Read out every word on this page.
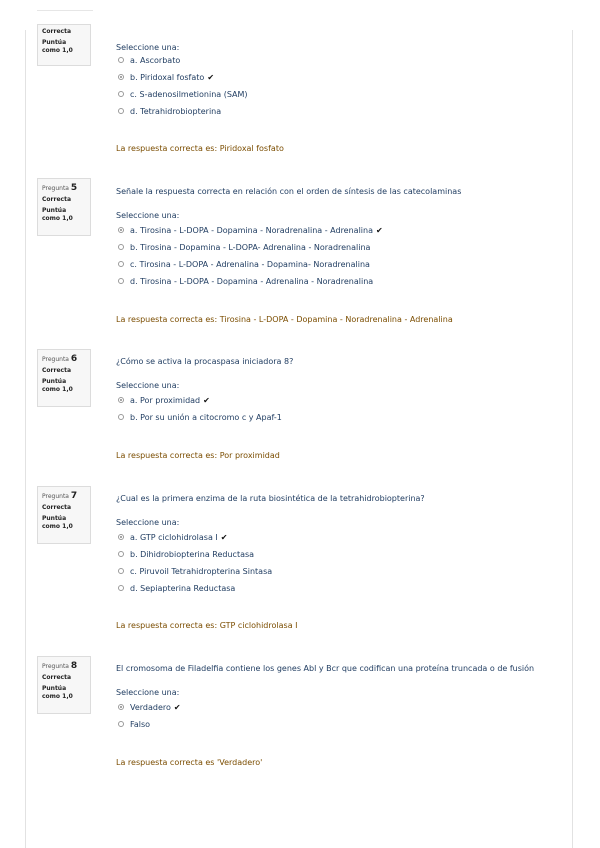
Correcta
Puntúa como 1,0	Seleccione una:
a. Ascorbato
b. Piridoxal fosfato ✔
c. S-adenosilmetionina (SAM)
d. Tetrahidrobiopterina
La respuesta correcta es: Piridoxal fosfato
Pregunta 5
Correcta
Puntúa como 1,0
Señale la respuesta correcta en relación con el orden de síntesis de las catecolaminas
Seleccione una:
a. Tirosina - L-DOPA - Dopamina - Noradrenalina - Adrenalina ✔
b. Tirosina - Dopamina - L-DOPA- Adrenalina - Noradrenalina
c. Tirosina - L-DOPA - Adrenalina - Dopamina- Noradrenalina
d. Tirosina - L-DOPA - Dopamina - Adrenalina - Noradrenalina
La respuesta correcta es: Tirosina - L-DOPA - Dopamina - Noradrenalina - Adrenalina
Pregunta 6
Correcta
Puntúa como 1,0
¿Cómo se activa la procaspasa iniciadora 8?
Seleccione una:
a. Por proximidad ✔
b. Por su unión a citocromo c y Apaf-1
La respuesta correcta es: Por proximidad
Pregunta 7
Correcta
Puntúa como 1,0
¿Cual es la primera enzima de la ruta biosintética de la tetrahidrobiopterina?
Seleccione una:
a. GTP ciclohidrolasa I ✔
b. Dihidrobiopterina Reductasa
c. Piruvoil Tetrahidropterina Sintasa
d. Sepiapterina Reductasa
La respuesta correcta es: GTP ciclohidrolasa I
Pregunta 8
Correcta
Puntúa como 1,0
El cromosoma de Filadelfia contiene los genes Abl y Bcr que codifican una proteína truncada o de fusión
Seleccione una:
Verdadero ✔
Falso
La respuesta correcta es 'Verdadero'
